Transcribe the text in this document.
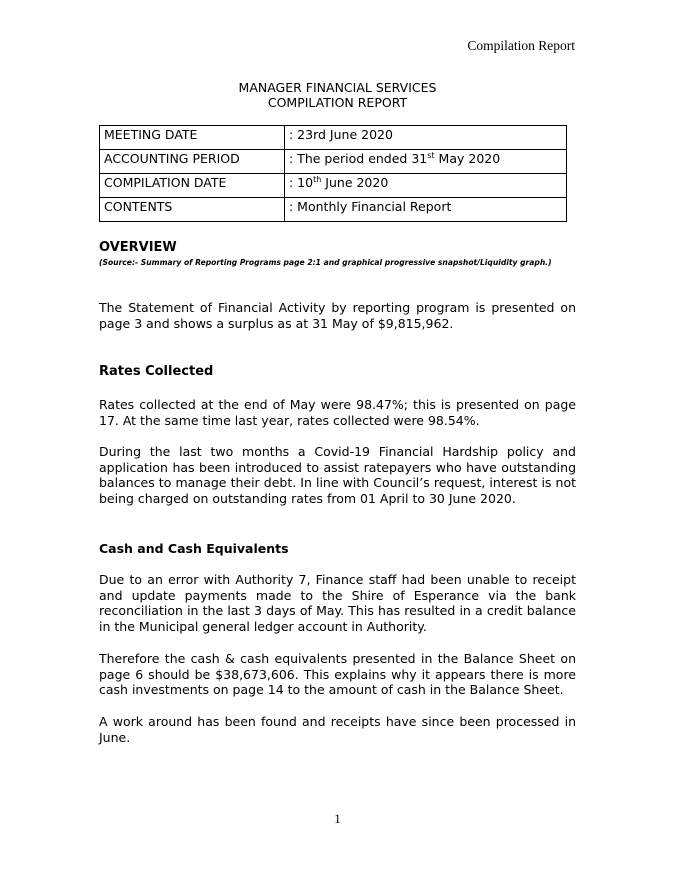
Compilation Report
MANAGER FINANCIAL SERVICES
COMPILATION REPORT
MEETING DATE	: 23rd June 2020
ACCOUNTING PERIOD	: The period ended 31st May 2020
COMPILATION DATE	: 10th June 2020
CONTENTS	: Monthly Financial Report
OVERVIEW
(Source:- Summary of Reporting Programs page 2:1 and graphical progressive snapshot/Liquidity graph.)
The Statement of Financial Activity by reporting program is presented on page 3 and shows a surplus as at 31 May of $9,815,962.
Rates Collected
Rates collected at the end of May were 98.47%; this is presented on page 17. At the same time last year, rates collected were 98.54%.
During the last two months a Covid-19 Financial Hardship policy and application has been introduced to assist ratepayers who have outstanding balances to manage their debt. In line with Council’s request, interest is not being charged on outstanding rates from 01 April to 30 June 2020.
Cash and Cash Equivalents
Due to an error with Authority 7, Finance staff had been unable to receipt and update payments made to the Shire of Esperance via the bank reconciliation in the last 3 days of May. This has resulted in a credit balance in the Municipal general ledger account in Authority.
Therefore the cash & cash equivalents presented in the Balance Sheet on page 6 should be $38,673,606. This explains why it appears there is more cash investments on page 14 to the amount of cash in the Balance Sheet.
A work around has been found and receipts have since been processed in June.
1
